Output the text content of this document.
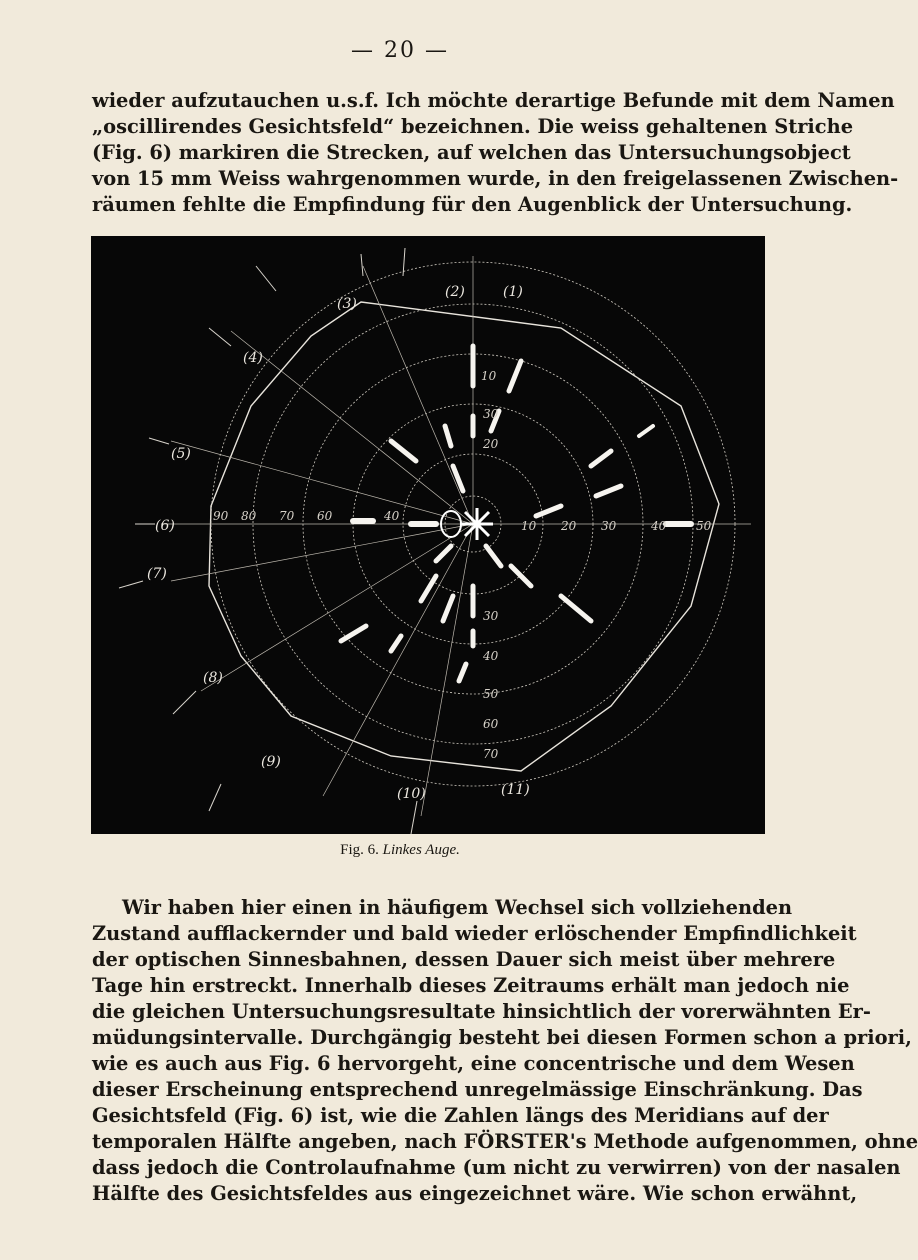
— 20 —

wieder aufzutauchen u.s.f. Ich möchte derartige Befunde mit dem Namen
„oscillirendes Gesichtsfeld“ bezeichnen. Die weiss gehaltenen Striche
(Fig. 6) markiren die Strecken, auf welchen das Untersuchungsobject
von 15 mm Weiss wahrgenommen wurde, in den freigelassenen Zwischen-
räumen fehlte die Empfindung für den Augenblick der Untersuchung.

(1)
(2)
(3)
(4)
(5)
(6)
(7)
(8)
(9)
(10)	(11)
90 80 70 60	40
10 20 30	40 50
10
30
20
30
40
50
60
70
Fig. 6. Linkes Auge.

Wir haben hier einen in häufigem Wechsel sich vollziehenden
Zustand aufflackernder und bald wieder erlöschender Empfindlichkeit
der optischen Sinnesbahnen, dessen Dauer sich meist über mehrere
Tage hin erstreckt. Innerhalb dieses Zeitraums erhält man jedoch nie
die gleichen Untersuchungsresultate hinsichtlich der vorerwähnten Er-
müdungsintervalle. Durchgängig besteht bei diesen Formen schon a priori,
wie es auch aus Fig. 6 hervorgeht, eine concentrische und dem Wesen
dieser Erscheinung entsprechend unregelmässige Einschränkung. Das
Gesichtsfeld (Fig. 6) ist, wie die Zahlen längs des Meridians auf der
temporalen Hälfte angeben, nach FÖRSTER's Methode aufgenommen, ohne
dass jedoch die Controlaufnahme (um nicht zu verwirren) von der nasalen
Hälfte des Gesichtsfeldes aus eingezeichnet wäre. Wie schon erwähnt,
